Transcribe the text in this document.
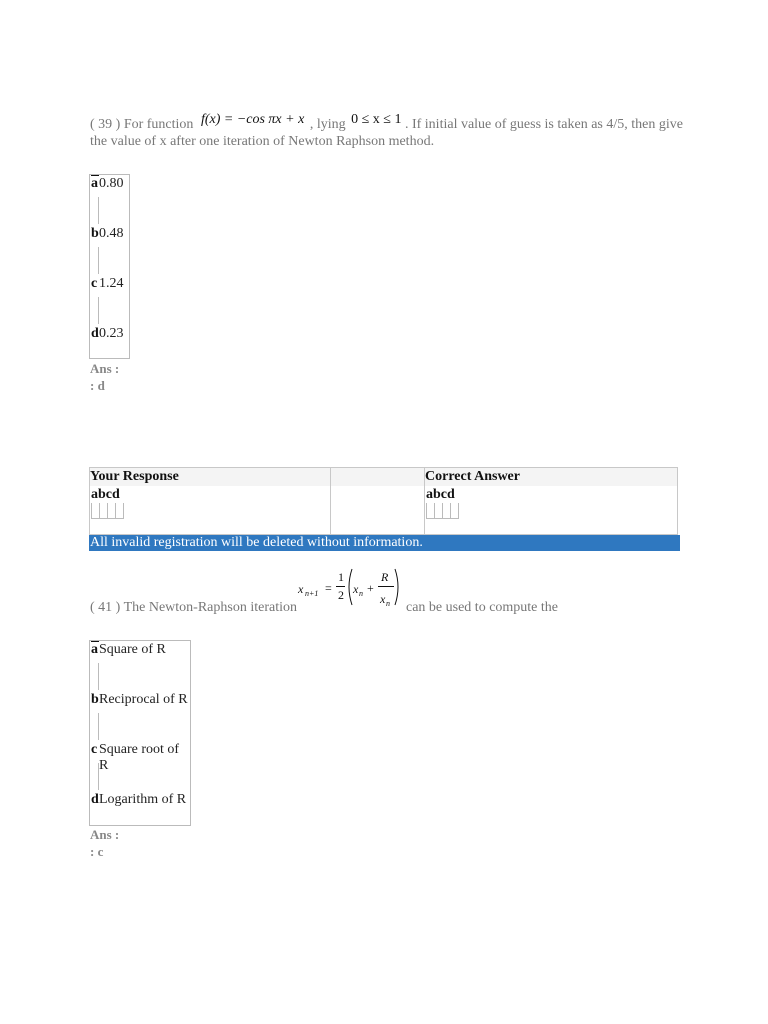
( 39 ) For function f(x) = −cos πx + x , lying 0 ≤ x ≤ 1 . If initial value of guess is taken as 4/5, then give
the value of x after one iteration of Newton Raphson method.
a 0.80
b 0.48
c 1.24
d 0.23
Ans :
: d
Your Response	Correct Answer
abcd	abcd
All invalid registration will be deleted without information.
( 41 ) The Newton-Raphson iteration
x n+1 =
1
2 x n +
R
x n can be used to compute the
a Square of R
b Reciprocal of R
c Square root of R
d Logarithm of R
Ans :
: c
